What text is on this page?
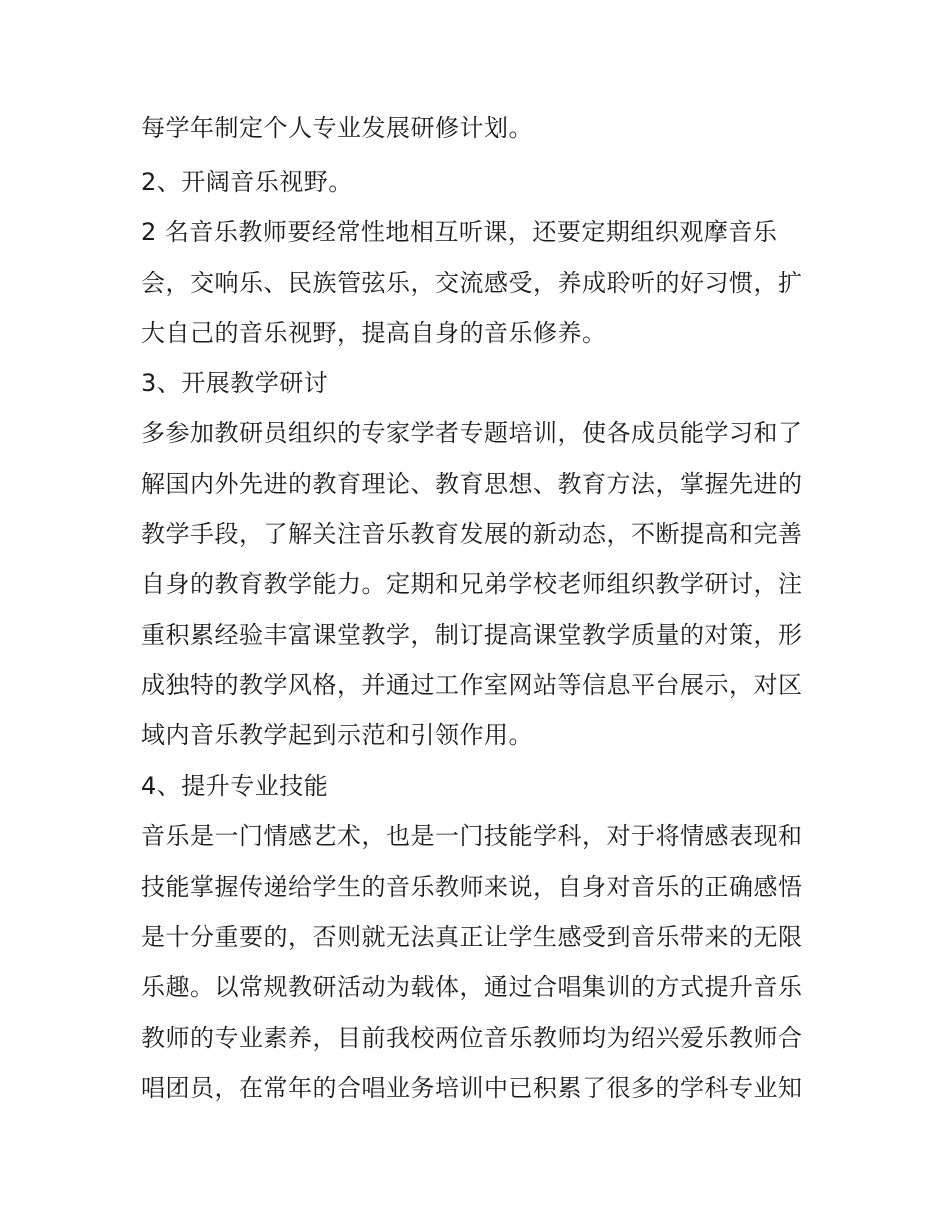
每学年制定个人专业发展研修计划。
2、开阔音乐视野。
2 名音乐教师要经常性地相互听课，还要定期组织观摩音乐
会，交响乐、民族管弦乐，交流感受，养成聆听的好习惯，扩
大自己的音乐视野，提高自身的音乐修养。
3、开展教学研讨
多参加教研员组织的专家学者专题培训，使各成员能学习和了
解国内外先进的教育理论、教育思想、教育方法，掌握先进的
教学手段，了解关注音乐教育发展的新动态，不断提高和完善
自身的教育教学能力。定期和兄弟学校老师组织教学研讨，注
重积累经验丰富课堂教学，制订提高课堂教学质量的对策，形
成独特的教学风格，并通过工作室网站等信息平台展示，对区
域内音乐教学起到示范和引领作用。
4、提升专业技能
音乐是一门情感艺术，也是一门技能学科，对于将情感表现和
技能掌握传递给学生的音乐教师来说，自身对音乐的正确感悟
是十分重要的，否则就无法真正让学生感受到音乐带来的无限
乐趣。以常规教研活动为载体，通过合唱集训的方式提升音乐
教师的专业素养，目前我校两位音乐教师均为绍兴爱乐教师合
唱团员，在常年的合唱业务培训中已积累了很多的学科专业知
